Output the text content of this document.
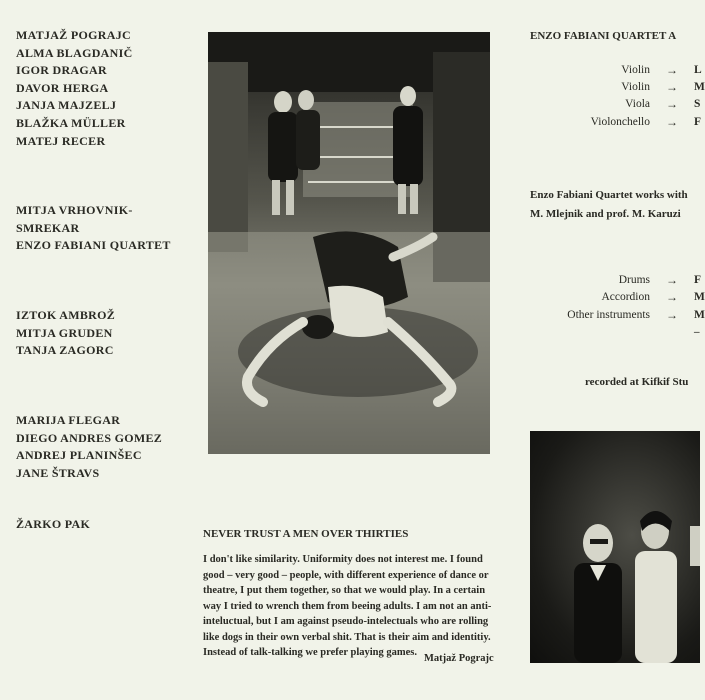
MATJAŽ POGRAJC
ALMA BLAGDANIČ
IGOR DRAGAR
DAVOR HERGA
JANJA MAJZELJ
BLAŽKA MÜLLER
MATEJ RECER
MITJA VRHOVNIK-
SMREKAR
ENZO FABIANI QUARTET
IZTOK AMBROŽ
MITJA GRUDEN
TANJA ZAGORC
MARIJA FLEGAR
DIEGO ANDRES GOMEZ
ANDREJ PLANINŠEC
JANE ŠTRAVS
ŽARKO PAK
ENZO FABIANI QUARTET A
Violin → L
Violin → M
Viola → S
Violonchello → F
Enzo Fabiani Quartet works with
M. Mlejnik and prof. M. Karuzi
Drums → F
Accordion → M
Other instruments → M
–
recorded at Kifkif Stu
NEVER TRUST A MEN OVER THIRTIES
I don't like similarity. Uniformity does not interest me. I found good – very good – people, with different experience of dance or theatre, I put them together, so that we would play. In a certain way I tried to wrench them from beeing adults. I am not an anti-inteluctual, but I am against pseudo-intelectuals who are rolling like dogs in their own verbal shit. That is their aim and identitiy. Instead of talk-talking we prefer playing games.
Matjaž Pograjc
